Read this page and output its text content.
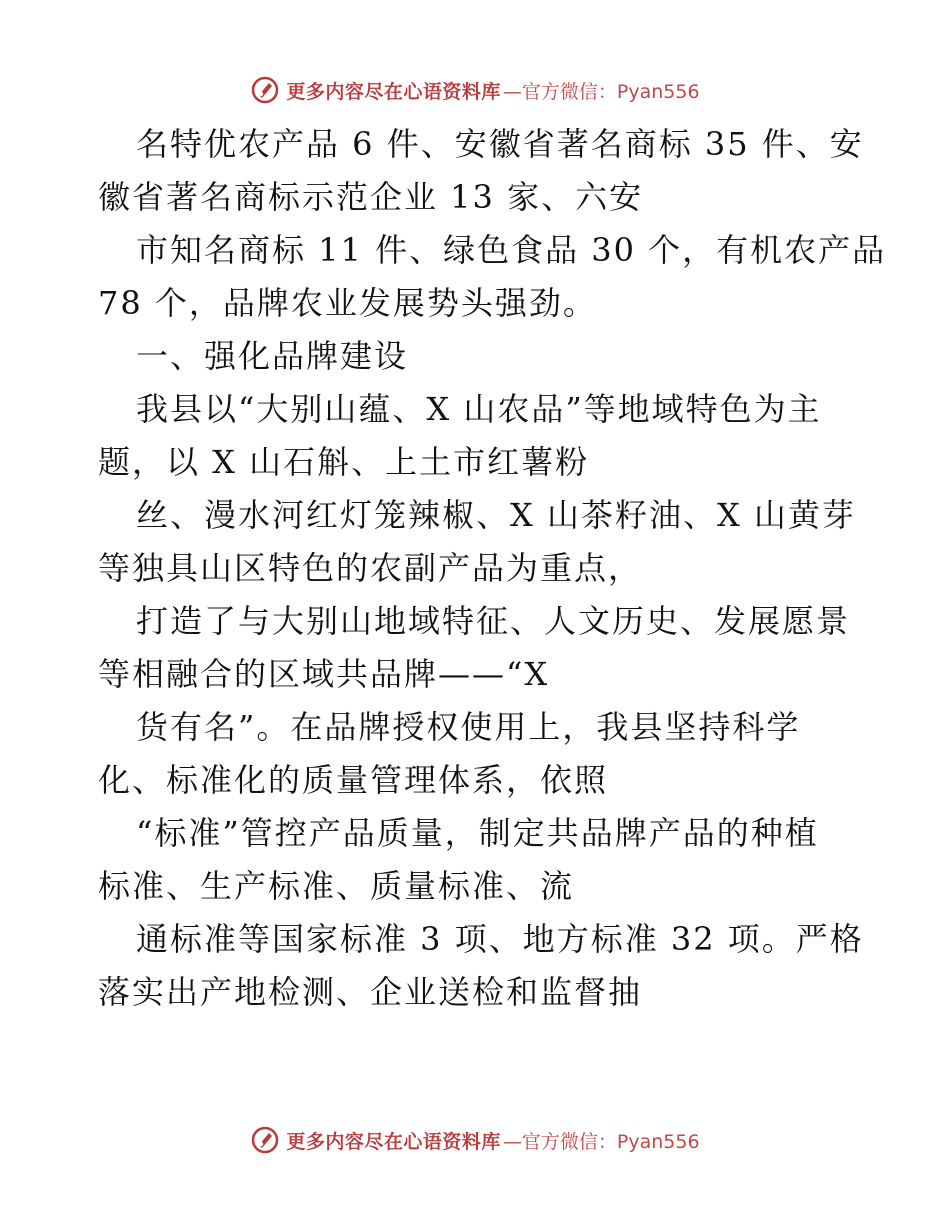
更多内容尽在心语资料库 —官方微信：Pyan556
名特优农产品 6 件、安徽省著名商标 35 件、安
徽省著名商标示范企业 13 家、六安
市知名商标 11 件、绿色食品 30 个，有机农产品
78 个，品牌农业发展势头强劲。
一、强化品牌建设
我县以“大别山蕴、X 山农品”等地域特色为主
题，以 X 山石斛、上土市红薯粉
丝、漫水河红灯笼辣椒、X 山茶籽油、X 山黄芽
等独具山区特色的农副产品为重点，
打造了与大别山地域特征、人文历史、发展愿景
等相融合的区域共品牌——“X
货有名”。在品牌授权使用上，我县坚持科学
化、标准化的质量管理体系，依照
“标准”管控产品质量，制定共品牌产品的种植
标准、生产标准、质量标准、流
通标准等国家标准 3 项、地方标准 32 项。严格
落实出产地检测、企业送检和监督抽
更多内容尽在心语资料库 —官方微信：Pyan556
